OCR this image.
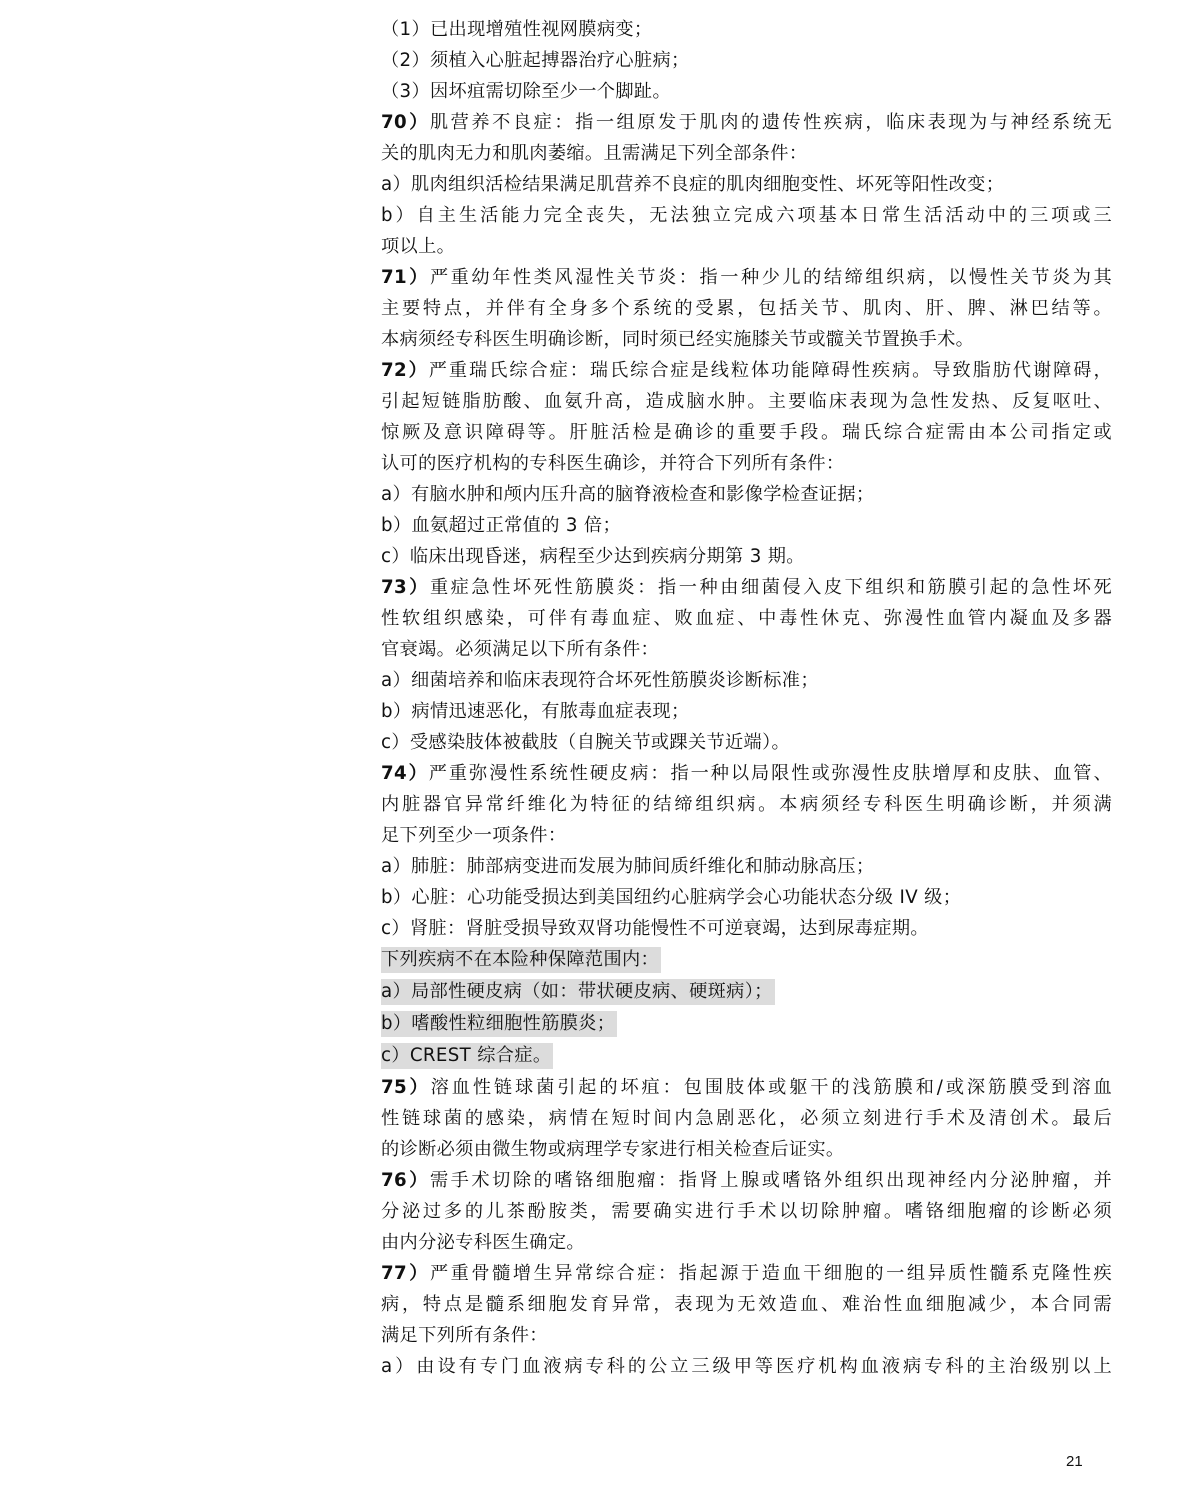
（1）已出现增殖性视网膜病变；
（2）须植入心脏起搏器治疗心脏病；
（3）因坏疽需切除至少一个脚趾。
70）肌营养不良症：指一组原发于肌肉的遗传性疾病，临床表现为与神经系统无
关的肌肉无力和肌肉萎缩。且需满足下列全部条件：
a）肌肉组织活检结果满足肌营养不良症的肌肉细胞变性、坏死等阳性改变；
b）自主生活能力完全丧失，无法独立完成六项基本日常生活活动中的三项或三
项以上。
71）严重幼年性类风湿性关节炎：指一种少儿的结缔组织病，以慢性关节炎为其
主要特点，并伴有全身多个系统的受累，包括关节、肌肉、肝、脾、淋巴结等。
本病须经专科医生明确诊断，同时须已经实施膝关节或髋关节置换手术。
72）严重瑞氏综合症：瑞氏综合症是线粒体功能障碍性疾病。导致脂肪代谢障碍，
引起短链脂肪酸、血氨升高，造成脑水肿。主要临床表现为急性发热、反复呕吐、
惊厥及意识障碍等。肝脏活检是确诊的重要手段。瑞氏综合症需由本公司指定或
认可的医疗机构的专科医生确诊，并符合下列所有条件：
a）有脑水肿和颅内压升高的脑脊液检查和影像学检查证据；
b）血氨超过正常值的 3 倍；
c）临床出现昏迷，病程至少达到疾病分期第 3 期。
73）重症急性坏死性筋膜炎：指一种由细菌侵入皮下组织和筋膜引起的急性坏死
性软组织感染，可伴有毒血症、败血症、中毒性休克、弥漫性血管内凝血及多器
官衰竭。必须满足以下所有条件：
a）细菌培养和临床表现符合坏死性筋膜炎诊断标准；
b）病情迅速恶化，有脓毒血症表现；
c）受感染肢体被截肢（自腕关节或踝关节近端）。
74）严重弥漫性系统性硬皮病：指一种以局限性或弥漫性皮肤增厚和皮肤、血管、
内脏器官异常纤维化为特征的结缔组织病。本病须经专科医生明确诊断，并须满
足下列至少一项条件：
a）肺脏：肺部病变进而发展为肺间质纤维化和肺动脉高压；
b）心脏：心功能受损达到美国纽约心脏病学会心功能状态分级 IV 级；
c）肾脏：肾脏受损导致双肾功能慢性不可逆衰竭，达到尿毒症期。
下列疾病不在本险种保障范围内：
a）局部性硬皮病（如：带状硬皮病、硬斑病）；
b）嗜酸性粒细胞性筋膜炎；
c）CREST 综合症。
75）溶血性链球菌引起的坏疽：包围肢体或躯干的浅筋膜和/或深筋膜受到溶血
性链球菌的感染，病情在短时间内急剧恶化，必须立刻进行手术及清创术。最后
的诊断必须由微生物或病理学专家进行相关检查后证实。
76）需手术切除的嗜铬细胞瘤：指肾上腺或嗜铬外组织出现神经内分泌肿瘤，并
分泌过多的儿茶酚胺类，需要确实进行手术以切除肿瘤。嗜铬细胞瘤的诊断必须
由内分泌专科医生确定。
77）严重骨髓增生异常综合症：指起源于造血干细胞的一组异质性髓系克隆性疾
病，特点是髓系细胞发育异常，表现为无效造血、难治性血细胞减少，本合同需
满足下列所有条件：
a）由设有专门血液病专科的公立三级甲等医疗机构血液病专科的主治级别以上
21
